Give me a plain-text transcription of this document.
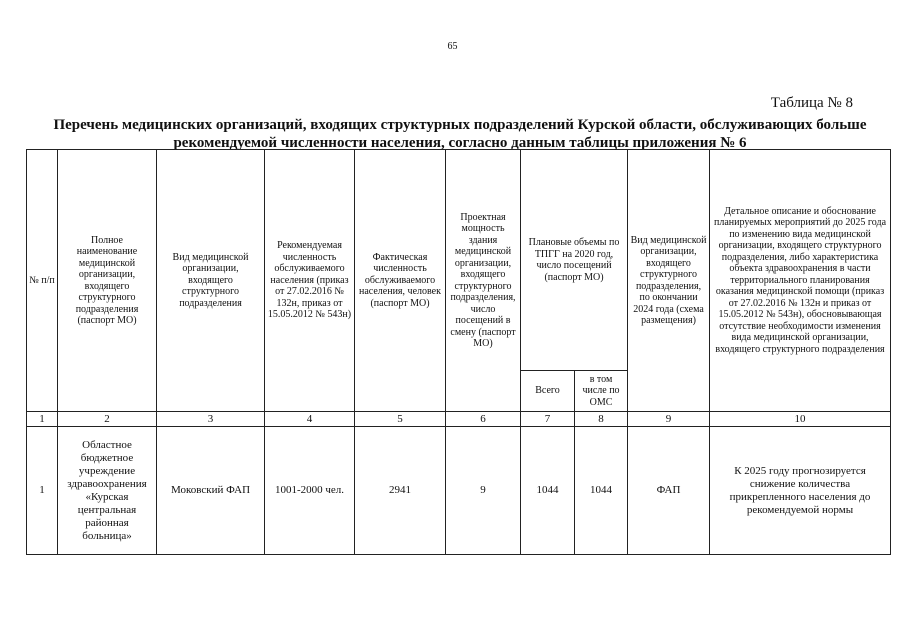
65
Таблица № 8
Перечень медицинских организаций, входящих структурных подразделений Курской области, обслуживающих больше
рекомендуемой численности населения, согласно данным таблицы приложения № 6
№ п/п	Полное наименование медицинской организации, входящего структурного подразделения (паспорт МО)	Вид медицинской организации, входящего структурного подразделения	Рекомендуемая численность обслуживаемого населения (приказ от 27.02.2016 № 132н, приказ от 15.05.2012 № 543н)	Фактическая численность обслуживаемого населения, человек (паспорт МО)	Проектная мощность здания медицинской организации, входящего структурного подразделения, число посещений в смену (паспорт МО)	Плановые объемы по ТПГГ на 2020 год, число посещений (паспорт МО)		Вид медицинской организации, входящего структурного подразделения, по окончании 2024 года (схема размещения)	Детальное описание и обоснование планируемых мероприятий до 2025 года по изменению вида медицинской организации, входящего структурного подразделения, либо характеристика объекта здравоохранения в части территориального планирования оказания медицинской помощи (приказ от 27.02.2016 № 132н и приказ от 15.05.2012 № 543н), обосновывающая отсутствие необходимости изменения вида медицинской организации, входящего структурного подразделения
						Всего	в том числе по ОМС		
1	2	3	4	5	6	7	8	9	10
1	Областное бюджетное учреждение здравоохранения «Курская центральная районная больница»	Моковский ФАП	1001-2000 чел.	2941	9	1044	1044	ФАП	К 2025 году прогнозируется снижение количества прикрепленного населения до рекомендуемой нормы
